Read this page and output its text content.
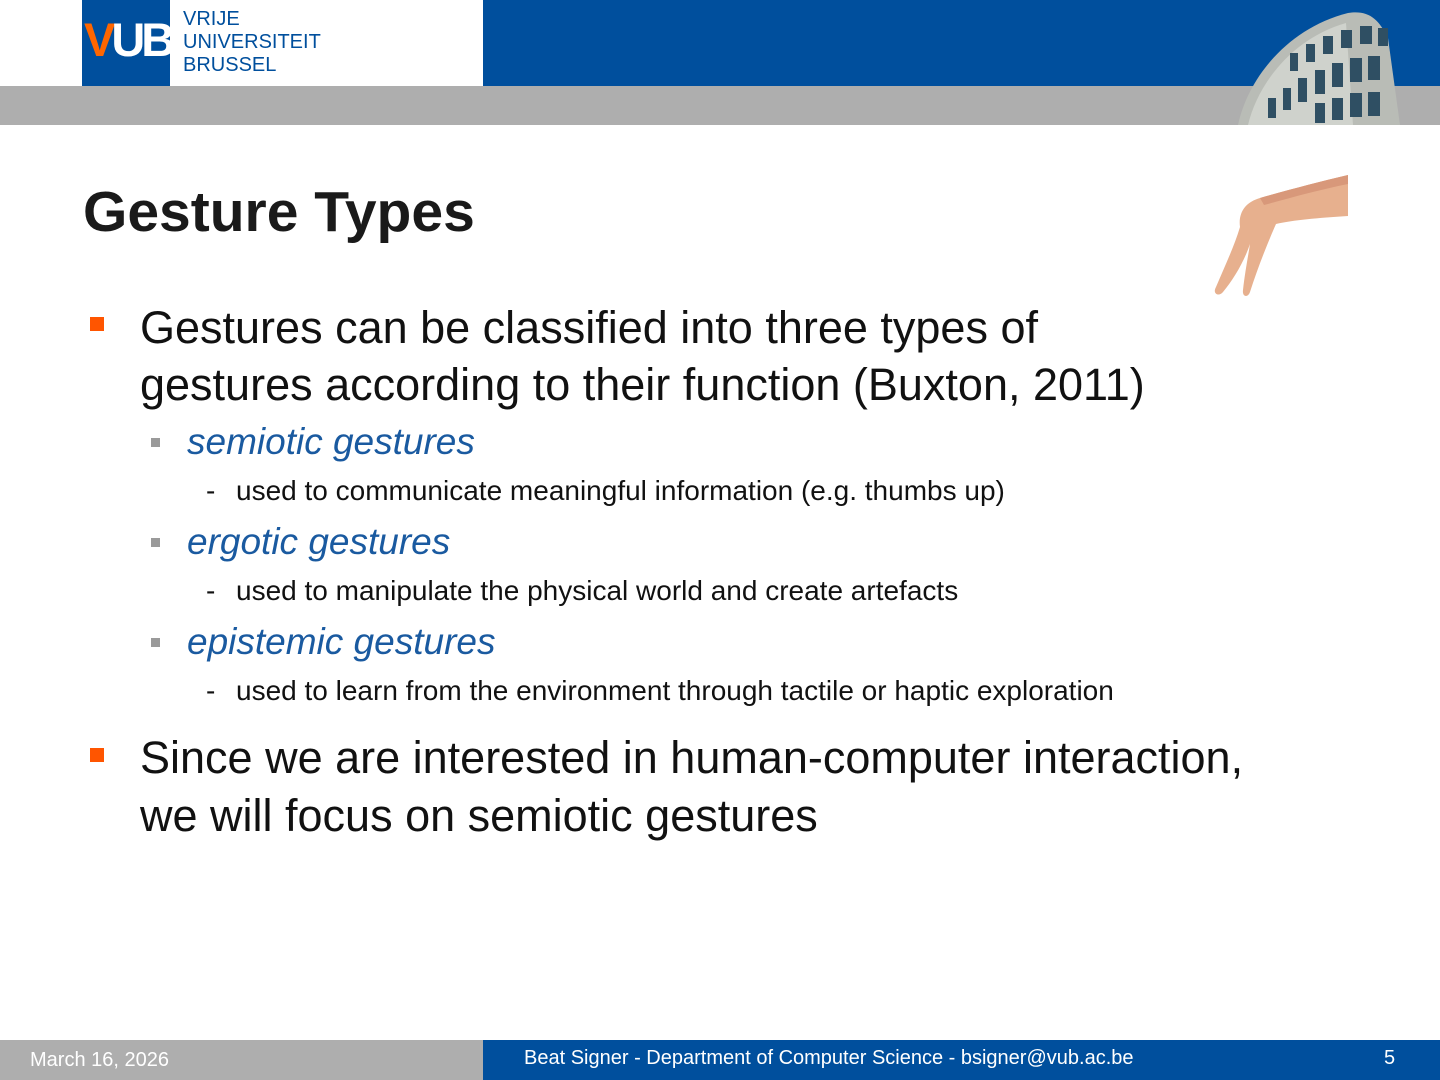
VUB VRIJE
UNIVERSITEIT
BRUSSEL
Gesture Types
Gestures can be classified into three types of
gestures according to their function (Buxton, 2011)
semiotic gestures
- used to communicate meaningful information (e.g. thumbs up)
ergotic gestures
- used to manipulate the physical world and create artefacts
epistemic gestures
- used to learn from the environment through tactile or haptic exploration
Since we are interested in human-computer interaction,
we will focus on semiotic gestures
March 16, 2026	Beat Signer - Department of Computer Science - bsigner@vub.ac.be	5
